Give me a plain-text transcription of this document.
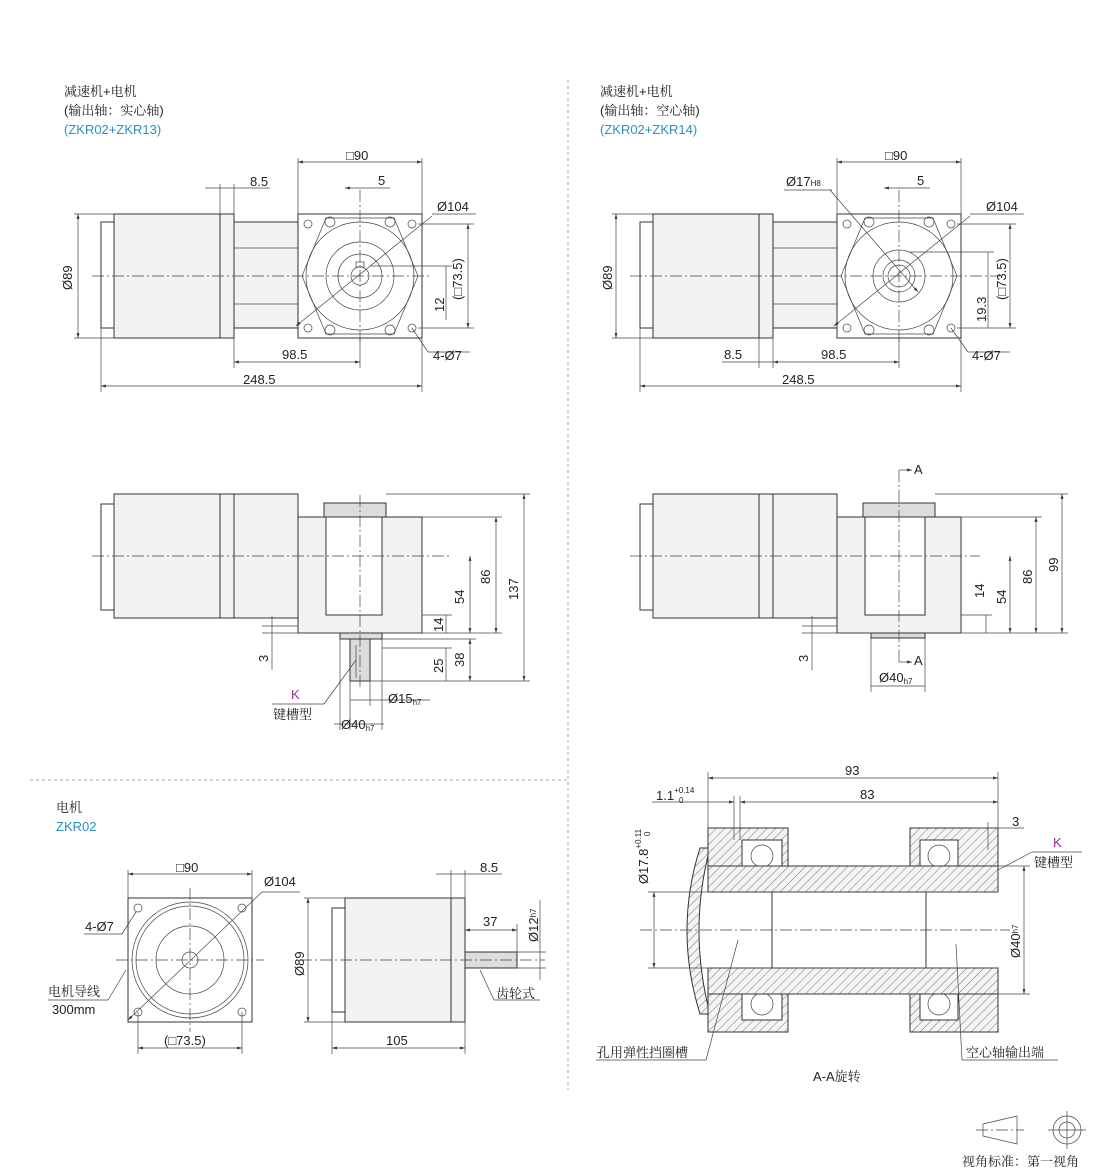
减速机+电机
(输出轴：实心轴)
(ZKR02+ZKR13)
□90
5
8.5
Ø104
Ø89	(□73.5)
12
4-Ø7
98.5
248.5
137
86
54
14
38
25
3
K
键槽型
Ø15h7
Ø40h7
减速机+电机
(输出轴：空心轴)
(ZKR02+ZKR14)
□90
Ø17H8	5
Ø104
Ø89	(□73.5)
19.3
4-Ø7
8.5	98.5
248.5
A
A
99
86
54
14
3
Ø40h7
电机
ZKR02
Ø104
□90
4-Ø7
电机导线
300mm
(□73.5)
8.5
37 Ø12h7
Ø89
105
齿轮式
93
83
$1.1^{+0.14}$
0
$Ø17.8^{+0.11}$ 0
3
K
键槽型
Ø40h7
孔用弹性挡圈槽	空心轴输出端
A-A旋转
视角标准：第一视角
